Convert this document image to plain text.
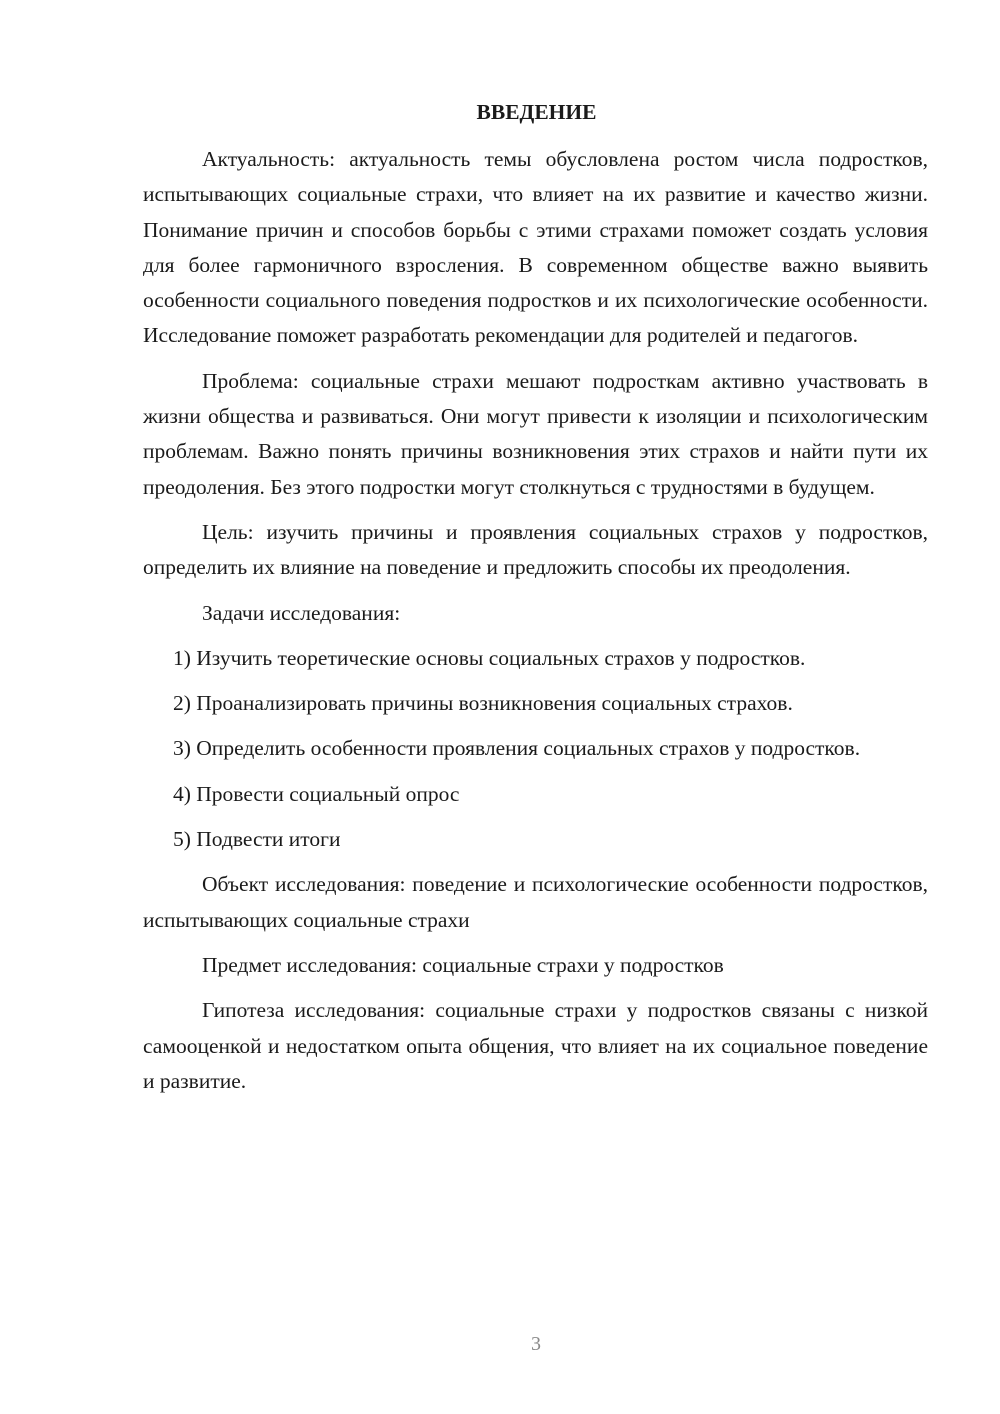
ВВЕДЕНИЕ

Актуальность: актуальность темы обусловлена ростом числа подростков, испытывающих социальные страхи, что влияет на их развитие и качество жизни. Понимание причин и способов борьбы с этими страхами поможет создать условия для более гармоничного взросления. В современном обществе важно выявить особенности социального поведения подростков и их психологические особенности. Исследование поможет разработать рекомендации для родителей и педагогов.

Проблема: социальные страхи мешают подросткам активно участвовать в жизни общества и развиваться. Они могут привести к изоляции и психологическим проблемам. Важно понять причины возникновения этих страхов и найти пути их преодоления. Без этого подростки могут столкнуться с трудностями в будущем.

Цель: изучить причины и проявления социальных страхов у подростков, определить их влияние на поведение и предложить способы их преодоления.

Задачи исследования:

1) Изучить теоретические основы социальных страхов у подростков.

2) Проанализировать причины возникновения социальных страхов.

3) Определить особенности проявления социальных страхов у подростков.

4) Провести социальный опрос

5) Подвести итоги

Объект исследования: поведение и психологические особенности подростков, испытывающих социальные страхи

Предмет исследования: социальные страхи у подростков

Гипотеза исследования: социальные страхи у подростков связаны с низкой самооценкой и недостатком опыта общения, что влияет на их социальное поведение и развитие.

3
